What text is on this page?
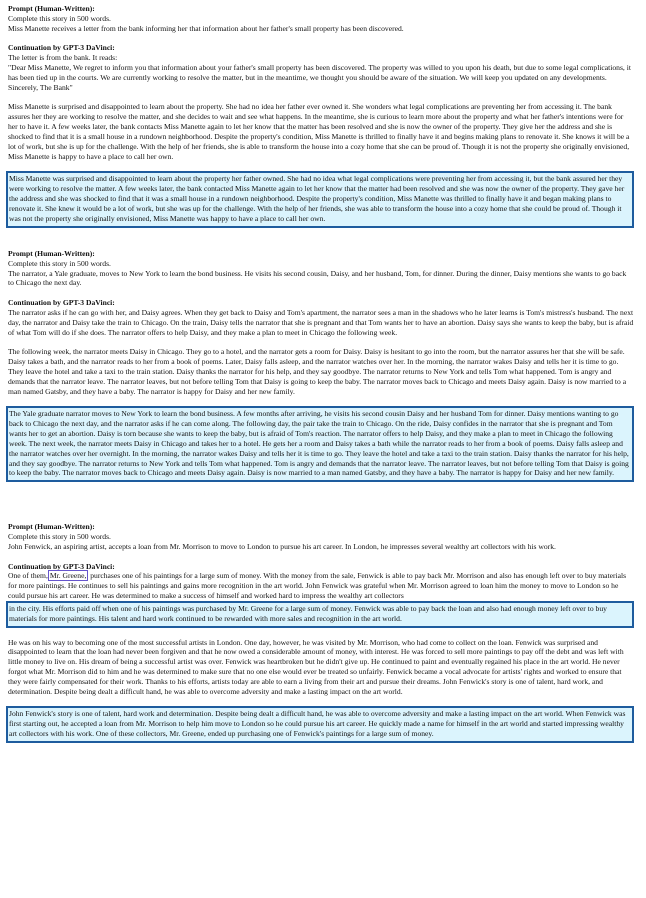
Prompt (Human-Written):

Complete this story in 500 words.

Miss Manette receives a letter from the bank informing her that information about her father's small property has been discovered.

Continuation by GPT-3 DaVinci:

The letter is from the bank. It reads:
"Dear Miss Manette, We regret to inform you that information about your father's small property has been discovered. The property was willed to you upon his death, but due to some legal complications, it has been tied up in the courts. We are currently working to resolve the matter, but in the meantime, we thought you should be aware of the situation. We will keep you updated on any developments. Sincerely, The Bank"

Miss Manette is surprised and disappointed to learn about the property. She had no idea her father ever owned it. She wonders what legal complications are preventing her from accessing it. The bank assures her they are working to resolve the matter, and she decides to wait and see what happens. In the meantime, she is curious to learn more about the property and what her father's intentions were for her to have it. A few weeks later, the bank contacts Miss Manette again to let her know that the matter has been resolved and she is now the owner of the property. They give her the address and she is shocked to find that it is a small house in a rundown neighborhood. Despite the property's condition, Miss Manette is thrilled to finally have it and begins making plans to renovate it. She knows it will be a lot of work, but she is up for the challenge. With the help of her friends, she is able to transform the house into a cozy home that she can be proud of. Though it is not the property she originally envisioned, Miss Manette is happy to have a place to call her own.

Miss Manette was surprised and disappointed to learn about the property her father owned. She had no idea what legal complications were preventing her from accessing it, but the bank assured her they were working to resolve the matter. A few weeks later, the bank contacted Miss Manette again to let her know that the matter had been resolved and she was now the owner of the property. They gave her the address and she was shocked to find that it was a small house in a rundown neighborhood. Despite the property's condition, Miss Manette was thrilled to finally have it and began making plans to renovate it. She knew it would be a lot of work, but she was up for the challenge. With the help of her friends, she was able to transform the house into a cozy home that she could be proud of. Though it was not the property she originally envisioned, Miss Manette was happy to have a place to call her own.

Prompt (Human-Written):

Complete this story in 500 words.

The narrator, a Yale graduate, moves to New York to learn the bond business. He visits his second cousin, Daisy, and her husband, Tom, for dinner. During the dinner, Daisy mentions she wants to go back to Chicago the next day.

Continuation by GPT-3 DaVinci:

The narrator asks if he can go with her, and Daisy agrees. When they get back to Daisy and Tom's apartment, the narrator sees a man in the shadows who he later learns is Tom's mistress's husband. The next day, the narrator and Daisy take the train to Chicago. On the train, Daisy tells the narrator that she is pregnant and that Tom wants her to have an abortion. Daisy says she wants to keep the baby, but is afraid of what Tom will do if she does. The narrator offers to help Daisy, and they make a plan to meet in Chicago the following week.

The following week, the narrator meets Daisy in Chicago. They go to a hotel, and the narrator gets a room for Daisy. Daisy is hesitant to go into the room, but the narrator assures her that she will be safe. Daisy takes a bath, and the narrator reads to her from a book of poems. Later, Daisy falls asleep, and the narrator watches over her. In the morning, the narrator wakes Daisy and tells her it is time to go. They leave the hotel and take a taxi to the train station. Daisy thanks the narrator for his help, and they say goodbye. The narrator returns to New York and tells Tom what happened. Tom is angry and demands that the narrator leave. The narrator leaves, but not before telling Tom that Daisy is going to keep the baby. The narrator moves back to Chicago and meets Daisy again. Daisy is now married to a man named Gatsby, and they have a baby. The narrator is happy for Daisy and her new family.

The Yale graduate narrator moves to New York to learn the bond business. A few months after arriving, he visits his second cousin Daisy and her husband Tom for dinner. Daisy mentions wanting to go back to Chicago the next day, and the narrator asks if he can come along. The following day, the pair take the train to Chicago. On the ride, Daisy confides in the narrator that she is pregnant and Tom wants her to get an abortion. Daisy is torn because she wants to keep the baby, but is afraid of Tom's reaction. The narrator offers to help Daisy, and they make a plan to meet in Chicago the following week. The next week, the narrator meets Daisy in Chicago and takes her to a hotel. He gets her a room and Daisy takes a bath while the narrator reads to her from a book of poems. Daisy falls asleep and the narrator watches over her overnight. In the morning, the narrator wakes Daisy and tells her it is time to go. They leave the hotel and take a taxi to the train station. Daisy thanks the narrator for his help, and they say goodbye. The narrator returns to New York and tells Tom what happened. Tom is angry and demands that the narrator leave. The narrator leaves, but not before telling Tom that Daisy is going to keep the baby. The narrator moves back to Chicago and meets Daisy again. Daisy is now married to a man named Gatsby, and they have a baby. The narrator is happy for Daisy and her new family.

Prompt (Human-Written):

Complete this story in 500 words.

John Fenwick, an aspiring artist, accepts a loan from Mr. Morrison to move to London to pursue his art career. In London, he impresses several wealthy art collectors with his work.

Continuation by GPT-3 DaVinci:

One of them, Mr. Greene, purchases one of his paintings for a large sum of money. With the money from the sale, Fenwick is able to pay back Mr. Morrison and also has enough left over to buy materials for more paintings. He continues to sell his paintings and gains more recognition in the art world. John Fenwick was grateful when Mr. Morrison agreed to loan him the money to move to London so he could pursue his art career. He was determined to make a success of himself and worked hard to impress the wealthy art collectors

in the city. His efforts paid off when one of his paintings was purchased by Mr. Greene for a large sum of money. Fenwick was able to pay back the loan and also had enough money left over to buy materials for more paintings. His talent and hard work continued to be rewarded with more sales and recognition in the art world.

He was on his way to becoming one of the most successful artists in London. One day, however, he was visited by Mr. Morrison, who had come to collect on the loan. Fenwick was surprised and disappointed to learn that the loan had never been forgiven and that he now owed a considerable amount of money, with interest. He was forced to sell more paintings to pay off the debt and was left with little money to live on. His dream of being a successful artist was over. Fenwick was heartbroken but he didn't give up. He continued to paint and eventually regained his place in the art world. He never forgot what Mr. Morrison did to him and he was determined to make sure that no one else would ever be treated so unfairly. Fenwick became a vocal advocate for artists' rights and worked to ensure that they were fairly compensated for their work. Thanks to his efforts, artists today are able to earn a living from their art and pursue their dreams. John Fenwick's story is one of talent, hard work, and determination. Despite being dealt a difficult hand, he was able to overcome adversity and make a lasting impact on the art world.

John Fenwick's story is one of talent, hard work and determination. Despite being dealt a difficult hand, he was able to overcome adversity and make a lasting impact on the art world. When Fenwick was first starting out, he accepted a loan from Mr. Morrison to help him move to London so he could pursue his art career. He quickly made a name for himself in the art world and started impressing wealthy art collectors with his work. One of these collectors, Mr. Greene, ended up purchasing one of Fenwick's paintings for a large sum of money.
